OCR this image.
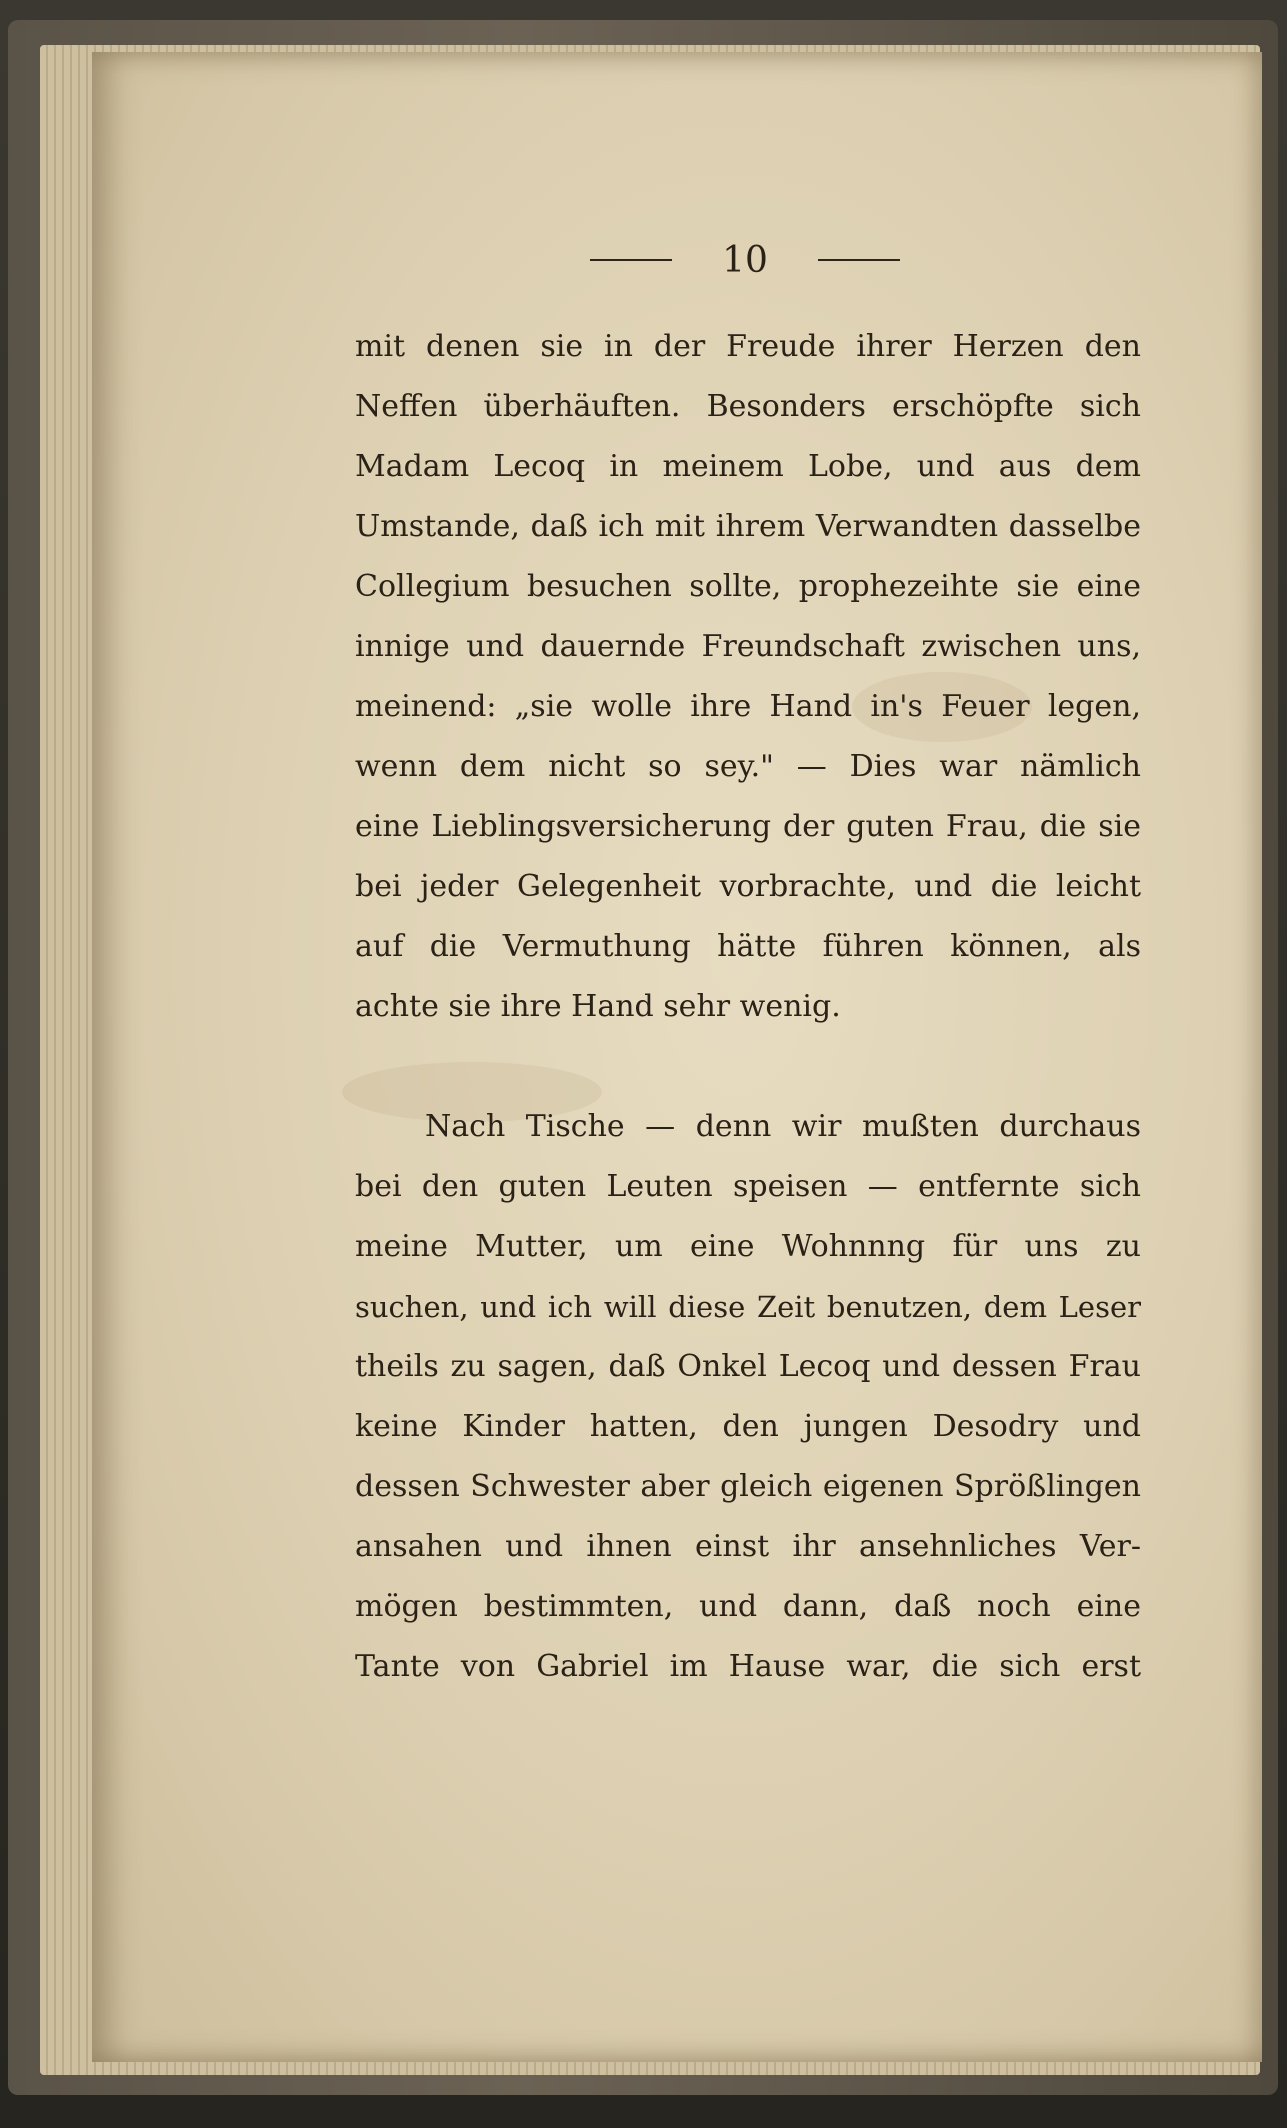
10
mit denen sie in der Freude ihrer Herzen den
Neffen überhäuften. Besonders erschöpfte sich
Madam Lecoq in meinem Lobe, und aus dem
Umstande, daß ich mit ihrem Verwandten dasselbe
Collegium besuchen sollte, prophezeihte sie eine
innige und dauernde Freundschaft zwischen uns,
meinend: „sie wolle ihre Hand in's Feuer legen,
wenn dem nicht so sey." — Dies war nämlich
eine Lieblingsversicherung der guten Frau, die sie
bei jeder Gelegenheit vorbrachte, und die leicht
auf die Vermuthung hätte führen können, als
achte sie ihre Hand sehr wenig.
Nach Tische — denn wir mußten durchaus
bei den guten Leuten speisen — entfernte sich
meine Mutter, um eine Wohnnng für uns zu
suchen, und ich will diese Zeit benutzen, dem Leser
theils zu sagen, daß Onkel Lecoq und dessen Frau
keine Kinder hatten, den jungen Desodry und
dessen Schwester aber gleich eigenen Sprößlingen
ansahen und ihnen einst ihr ansehnliches Ver-
mögen bestimmten, und dann, daß noch eine
Tante von Gabriel im Hause war, die sich erst
